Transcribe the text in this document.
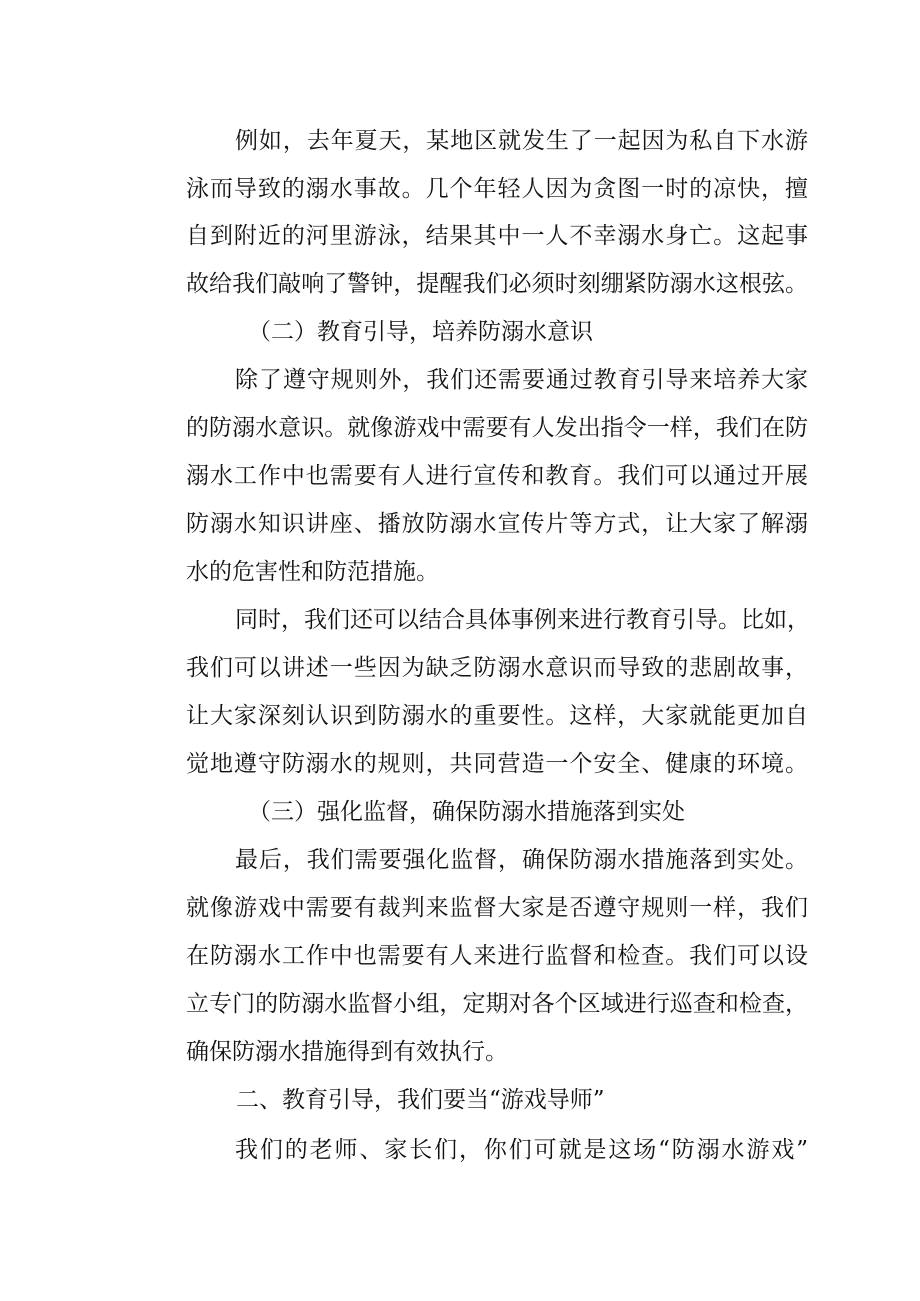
例如，去年夏天，某地区就发生了一起因为私自下水游
泳而导致的溺水事故。几个年轻人因为贪图一时的凉快，擅
自到附近的河里游泳，结果其中一人不幸溺水身亡。这起事
故给我们敲响了警钟，提醒我们必须时刻绷紧防溺水这根弦。
（二）教育引导，培养防溺水意识
除了遵守规则外，我们还需要通过教育引导来培养大家
的防溺水意识。就像游戏中需要有人发出指令一样，我们在防
溺水工作中也需要有人进行宣传和教育。我们可以通过开展
防溺水知识讲座、播放防溺水宣传片等方式，让大家了解溺
水的危害性和防范措施。
同时，我们还可以结合具体事例来进行教育引导。比如，
我们可以讲述一些因为缺乏防溺水意识而导致的悲剧故事，
让大家深刻认识到防溺水的重要性。这样，大家就能更加自
觉地遵守防溺水的规则，共同营造一个安全、健康的环境。
（三）强化监督，确保防溺水措施落到实处
最后，我们需要强化监督，确保防溺水措施落到实处。
就像游戏中需要有裁判来监督大家是否遵守规则一样，我们
在防溺水工作中也需要有人来进行监督和检查。我们可以设
立专门的防溺水监督小组，定期对各个区域进行巡查和检查，
确保防溺水措施得到有效执行。
二、教育引导，我们要当“游戏导师”
我们的老师、家长们，你们可就是这场“防溺水游戏”
